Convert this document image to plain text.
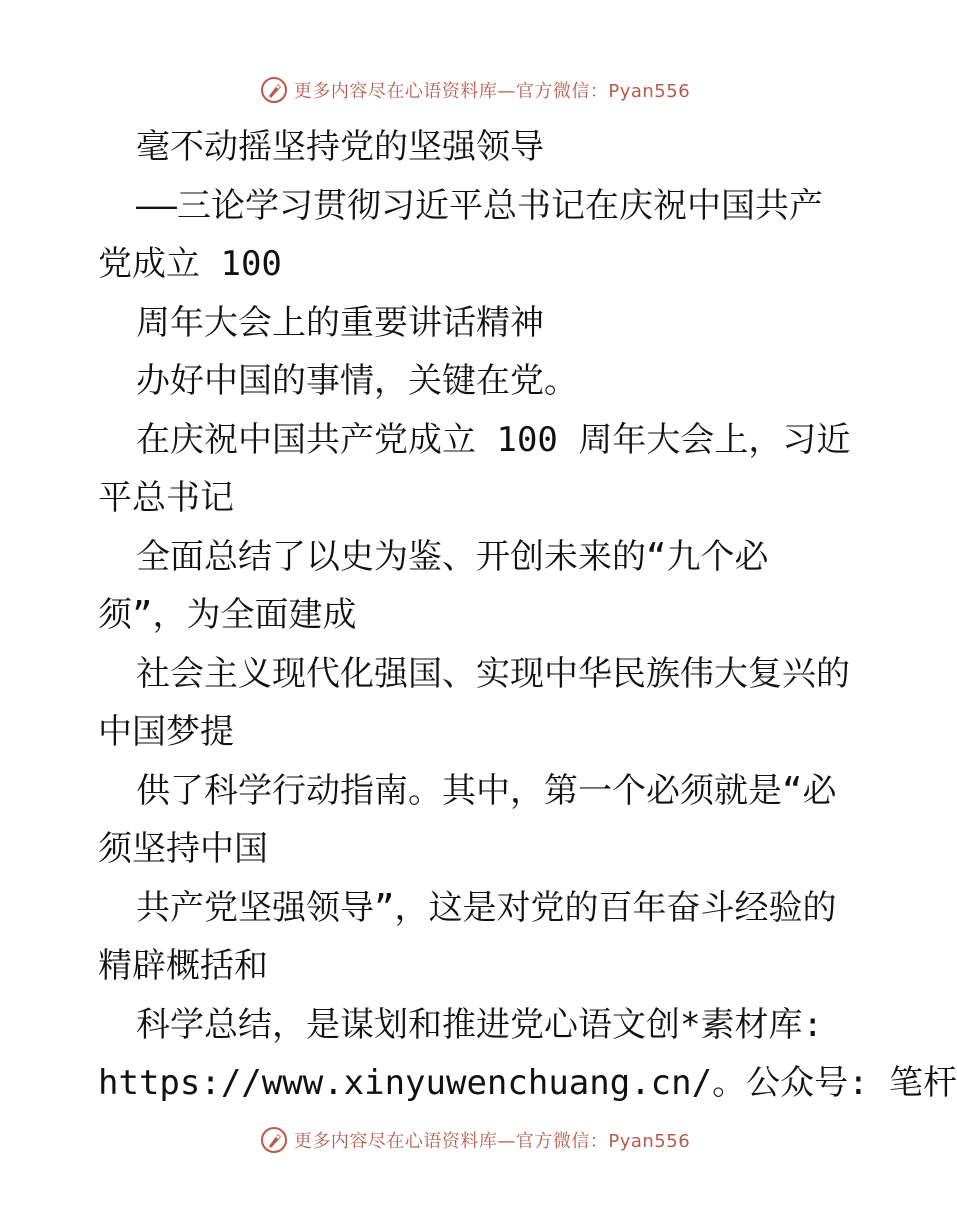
更多内容尽在心语资料库—官方微信：Pyan556
毫不动摇坚持党的坚强领导
——三论学习贯彻习近平总书记在庆祝中国共产
党成立 100
周年大会上的重要讲话精神
办好中国的事情，关键在党。
在庆祝中国共产党成立 100 周年大会上，习近
平总书记
全面总结了以史为鉴、开创未来的“九个必
须”，为全面建成
社会主义现代化强国、实现中华民族伟大复兴的
中国梦提
供了科学行动指南。其中，第一个必须就是“必
须坚持中国
共产党坚强领导”，这是对党的百年奋斗经验的
精辟概括和
科学总结，是谋划和推进党心语文创*素材库:
https://www.xinyuwenchuang.cn/。公众号: 笔杆
更多内容尽在心语资料库—官方微信：Pyan556
